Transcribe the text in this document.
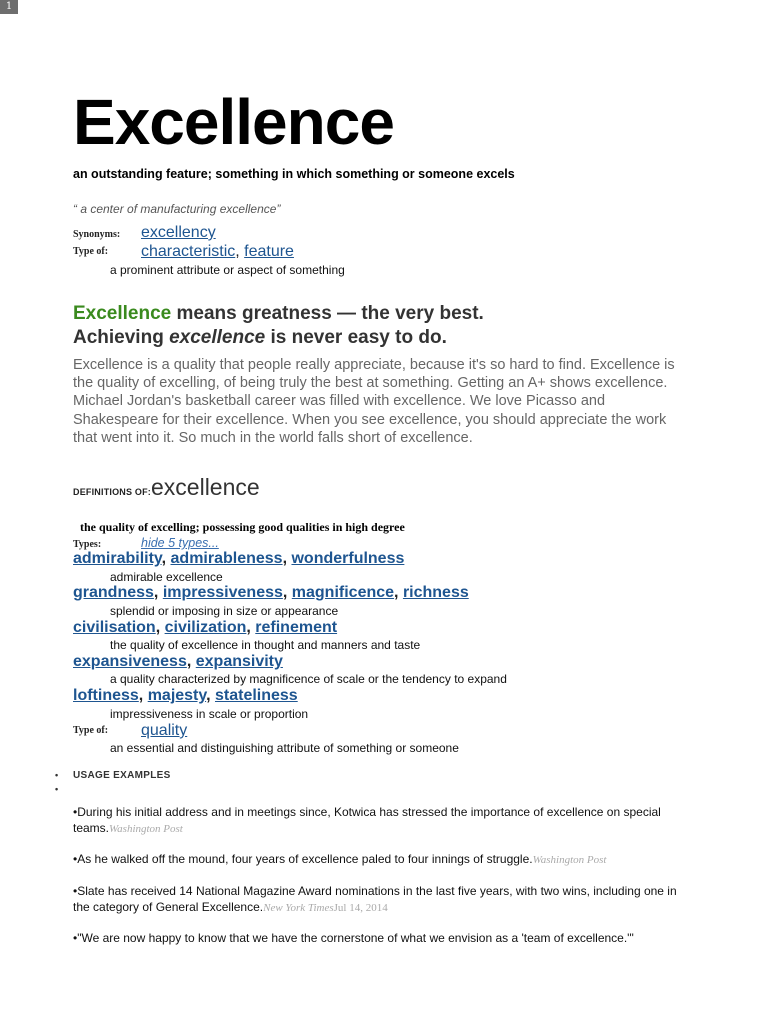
1
Excellence
an outstanding feature; something in which something or someone excels
“ a center of manufacturing excellence”
Synonyms: excellency
Type of: characteristic, feature
a prominent attribute or aspect of something
Excellence means greatness — the very best.
Achieving excellence is never easy to do.
Excellence is a quality that people really appreciate, because it's so hard to find. Excellence is the quality of excelling, of being truly the best at something. Getting an A+ shows excellence. Michael Jordan's basketball career was filled with excellence. We love Picasso and Shakespeare for their excellence. When you see excellence, you should appreciate the work that went into it. So much in the world falls short of excellence.
DEFINITIONS OF:excellence
the quality of excelling; possessing good qualities in high degree
Types:	hide 5 types...
admirability, admirableness, wonderfulness
admirable excellence
grandness, impressiveness, magnificence, richness
splendid or imposing in size or appearance
civilisation, civilization, refinement
the quality of excellence in thought and manners and taste
expansiveness, expansivity
a quality characterized by magnificence of scale or the tendency to expand
loftiness, majesty, stateliness
impressiveness in scale or proportion
Type of: quality
an essential and distinguishing attribute of something or someone
• USAGE EXAMPLES
•
•During his initial address and in meetings since, Kotwica has stressed the importance of excellence on special teams.Washington Post
•As he walked off the mound, four years of excellence paled to four innings of struggle.Washington Post
•Slate has received 14 National Magazine Award nominations in the last five years, with two wins, including one in the category of General Excellence.New York TimesJul 14, 2014
•"We are now happy to know that we have the cornerstone of what we envision as a 'team of excellence.'"
